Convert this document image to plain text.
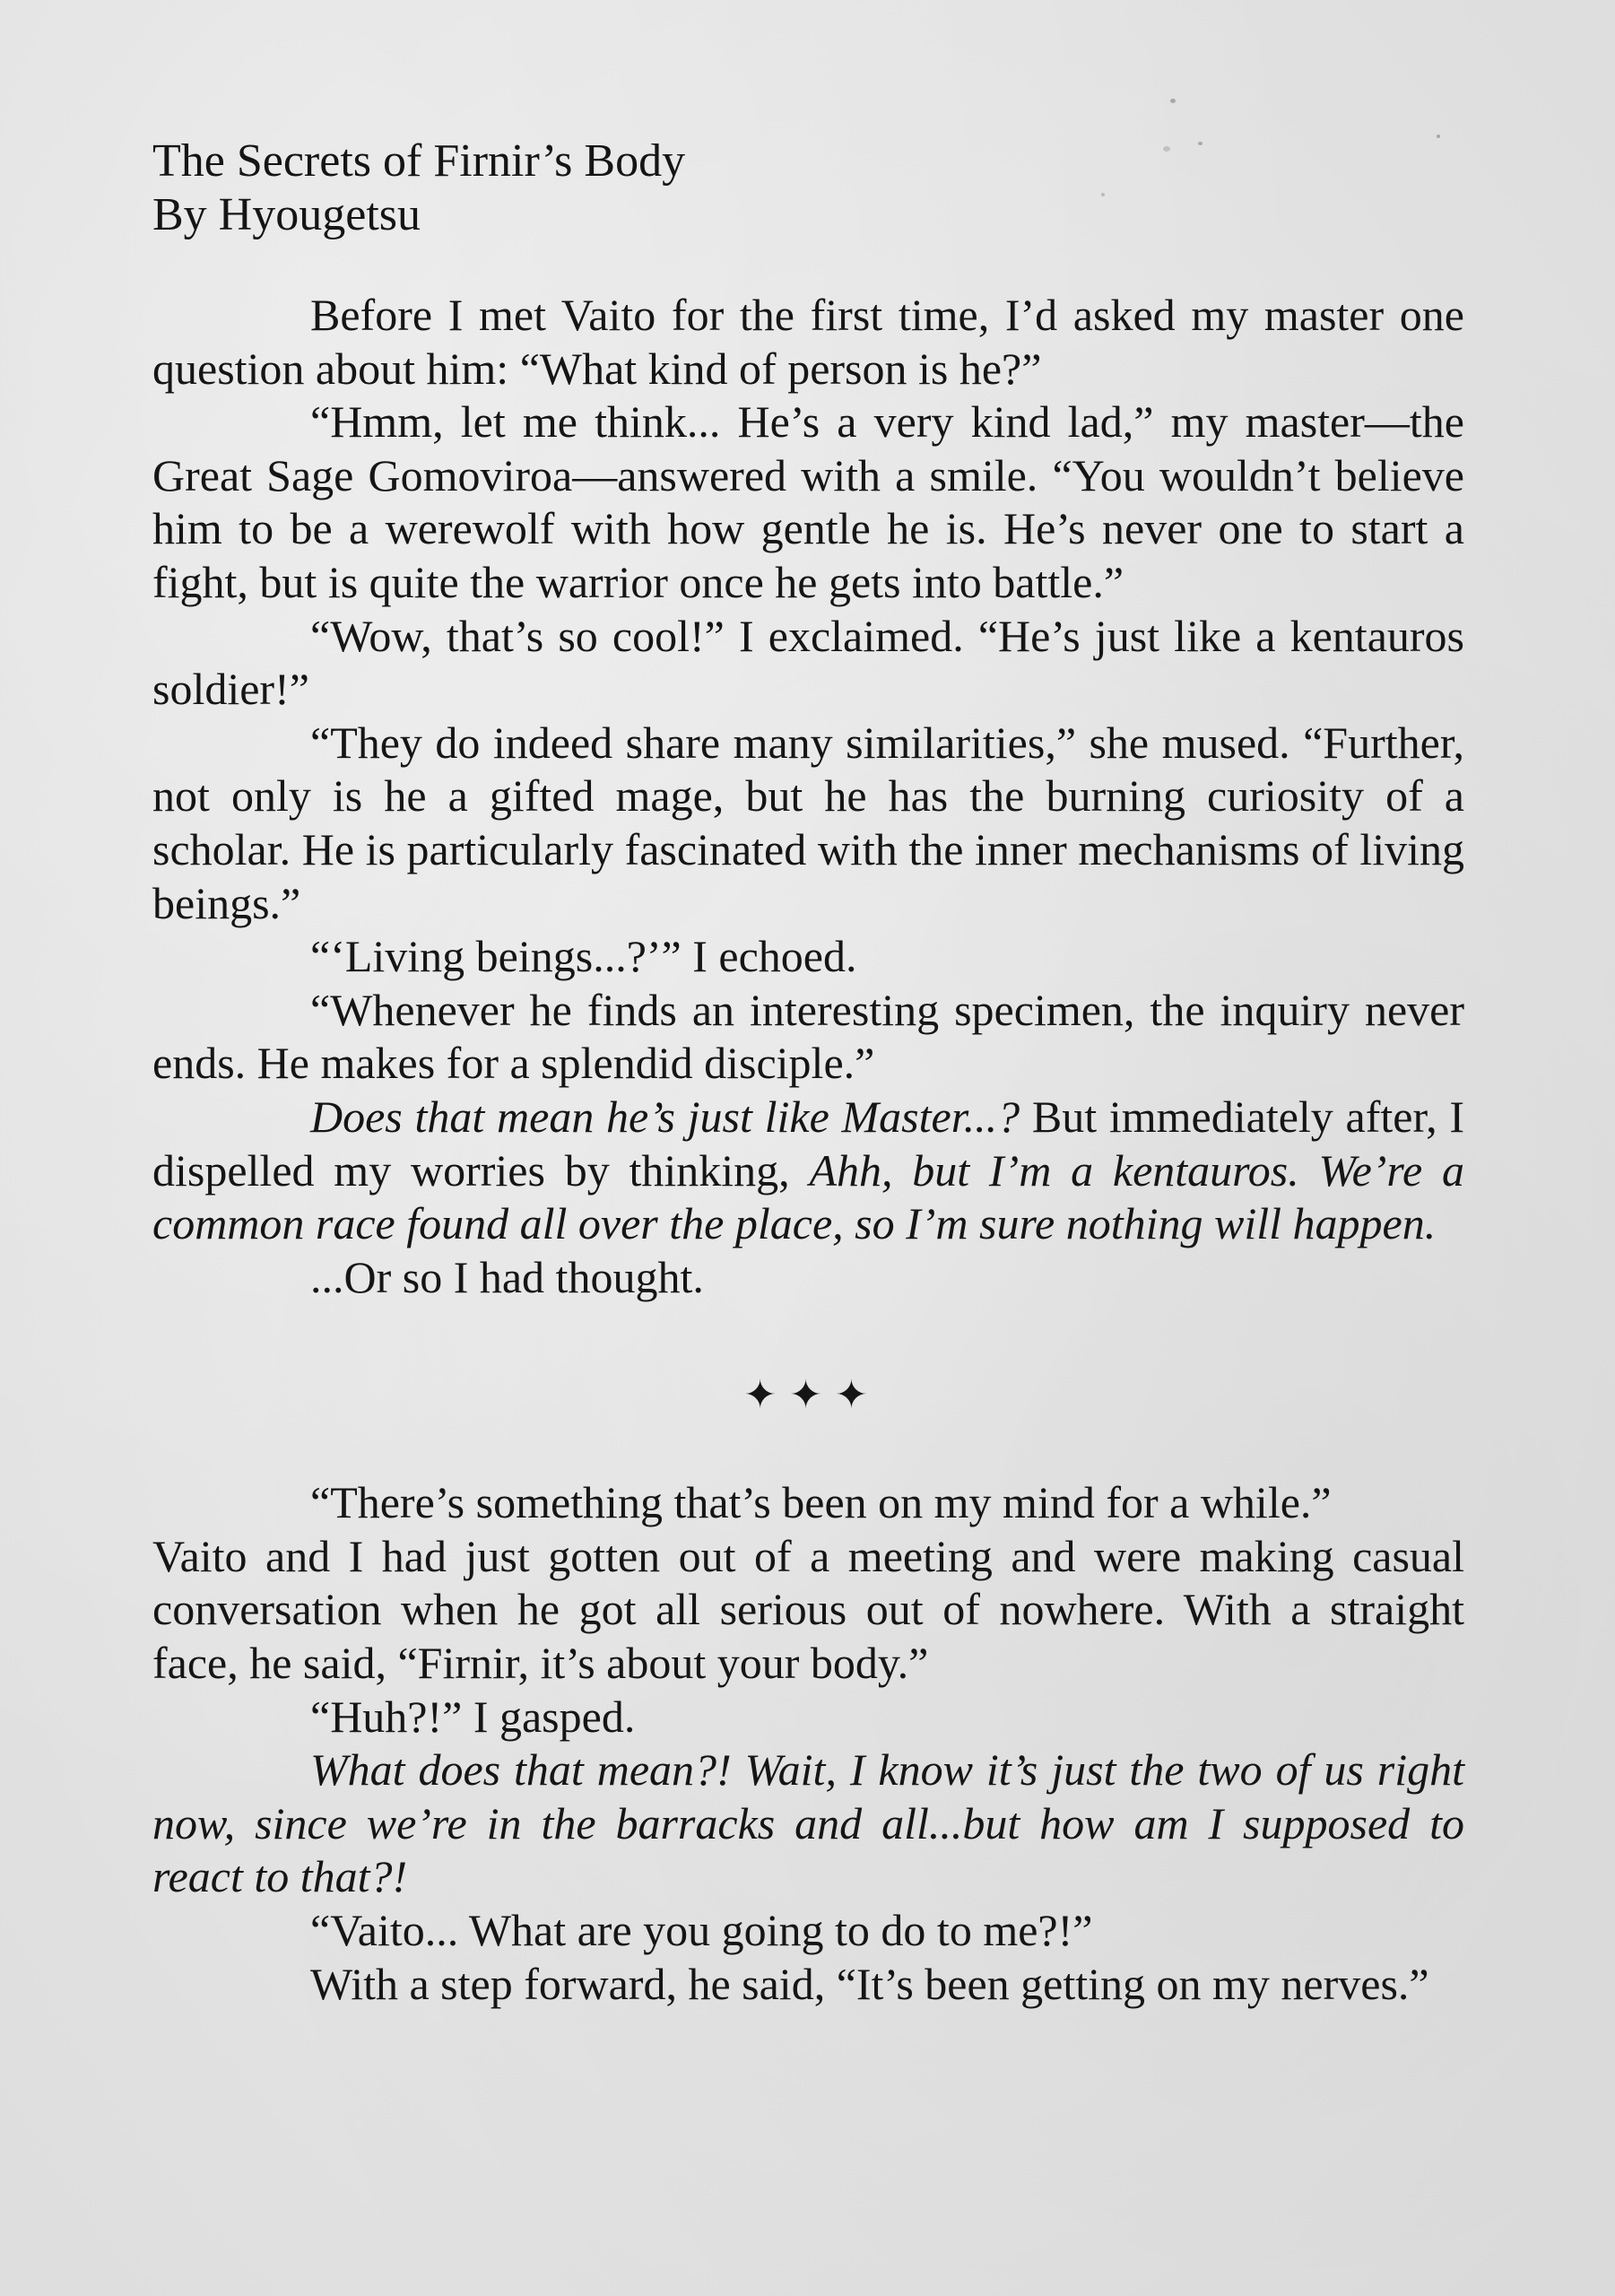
The Secrets of Firnir’s Body

By Hyougetsu

Before I met Vaito for the first time, I’d asked my master one question about him: “What kind of person is he?”

“Hmm, let me think... He’s a very kind lad,” my master—the Great Sage Gomoviroa—answered with a smile. “You wouldn’t believe him to be a werewolf with how gentle he is. He’s never one to start a fight, but is quite the warrior once he gets into battle.”

“Wow, that’s so cool!” I exclaimed. “He’s just like a kentauros soldier!”

“They do indeed share many similarities,” she mused. “Further, not only is he a gifted mage, but he has the burning curiosity of a scholar. He is particularly fascinated with the inner mechanisms of living beings.”

“‘Living beings...?’” I echoed.

“Whenever he finds an interesting specimen, the inquiry never ends. He makes for a splendid disciple.”

Does that mean he’s just like Master...? But immediately after, I dispelled my worries by thinking, Ahh, but I’m a kentauros. We’re a common race found all over the place, so I’m sure nothing will happen.

...Or so I had thought.

✦ ✦ ✦

“There’s something that’s been on my mind for a while.”

Vaito and I had just gotten out of a meeting and were making casual conversation when he got all serious out of nowhere. With a straight face, he said, “Firnir, it’s about your body.”

“Huh?!” I gasped.

What does that mean?! Wait, I know it’s just the two of us right now, since we’re in the barracks and all...but how am I supposed to react to that?!

“Vaito... What are you going to do to me?!”

With a step forward, he said, “It’s been getting on my nerves.”
